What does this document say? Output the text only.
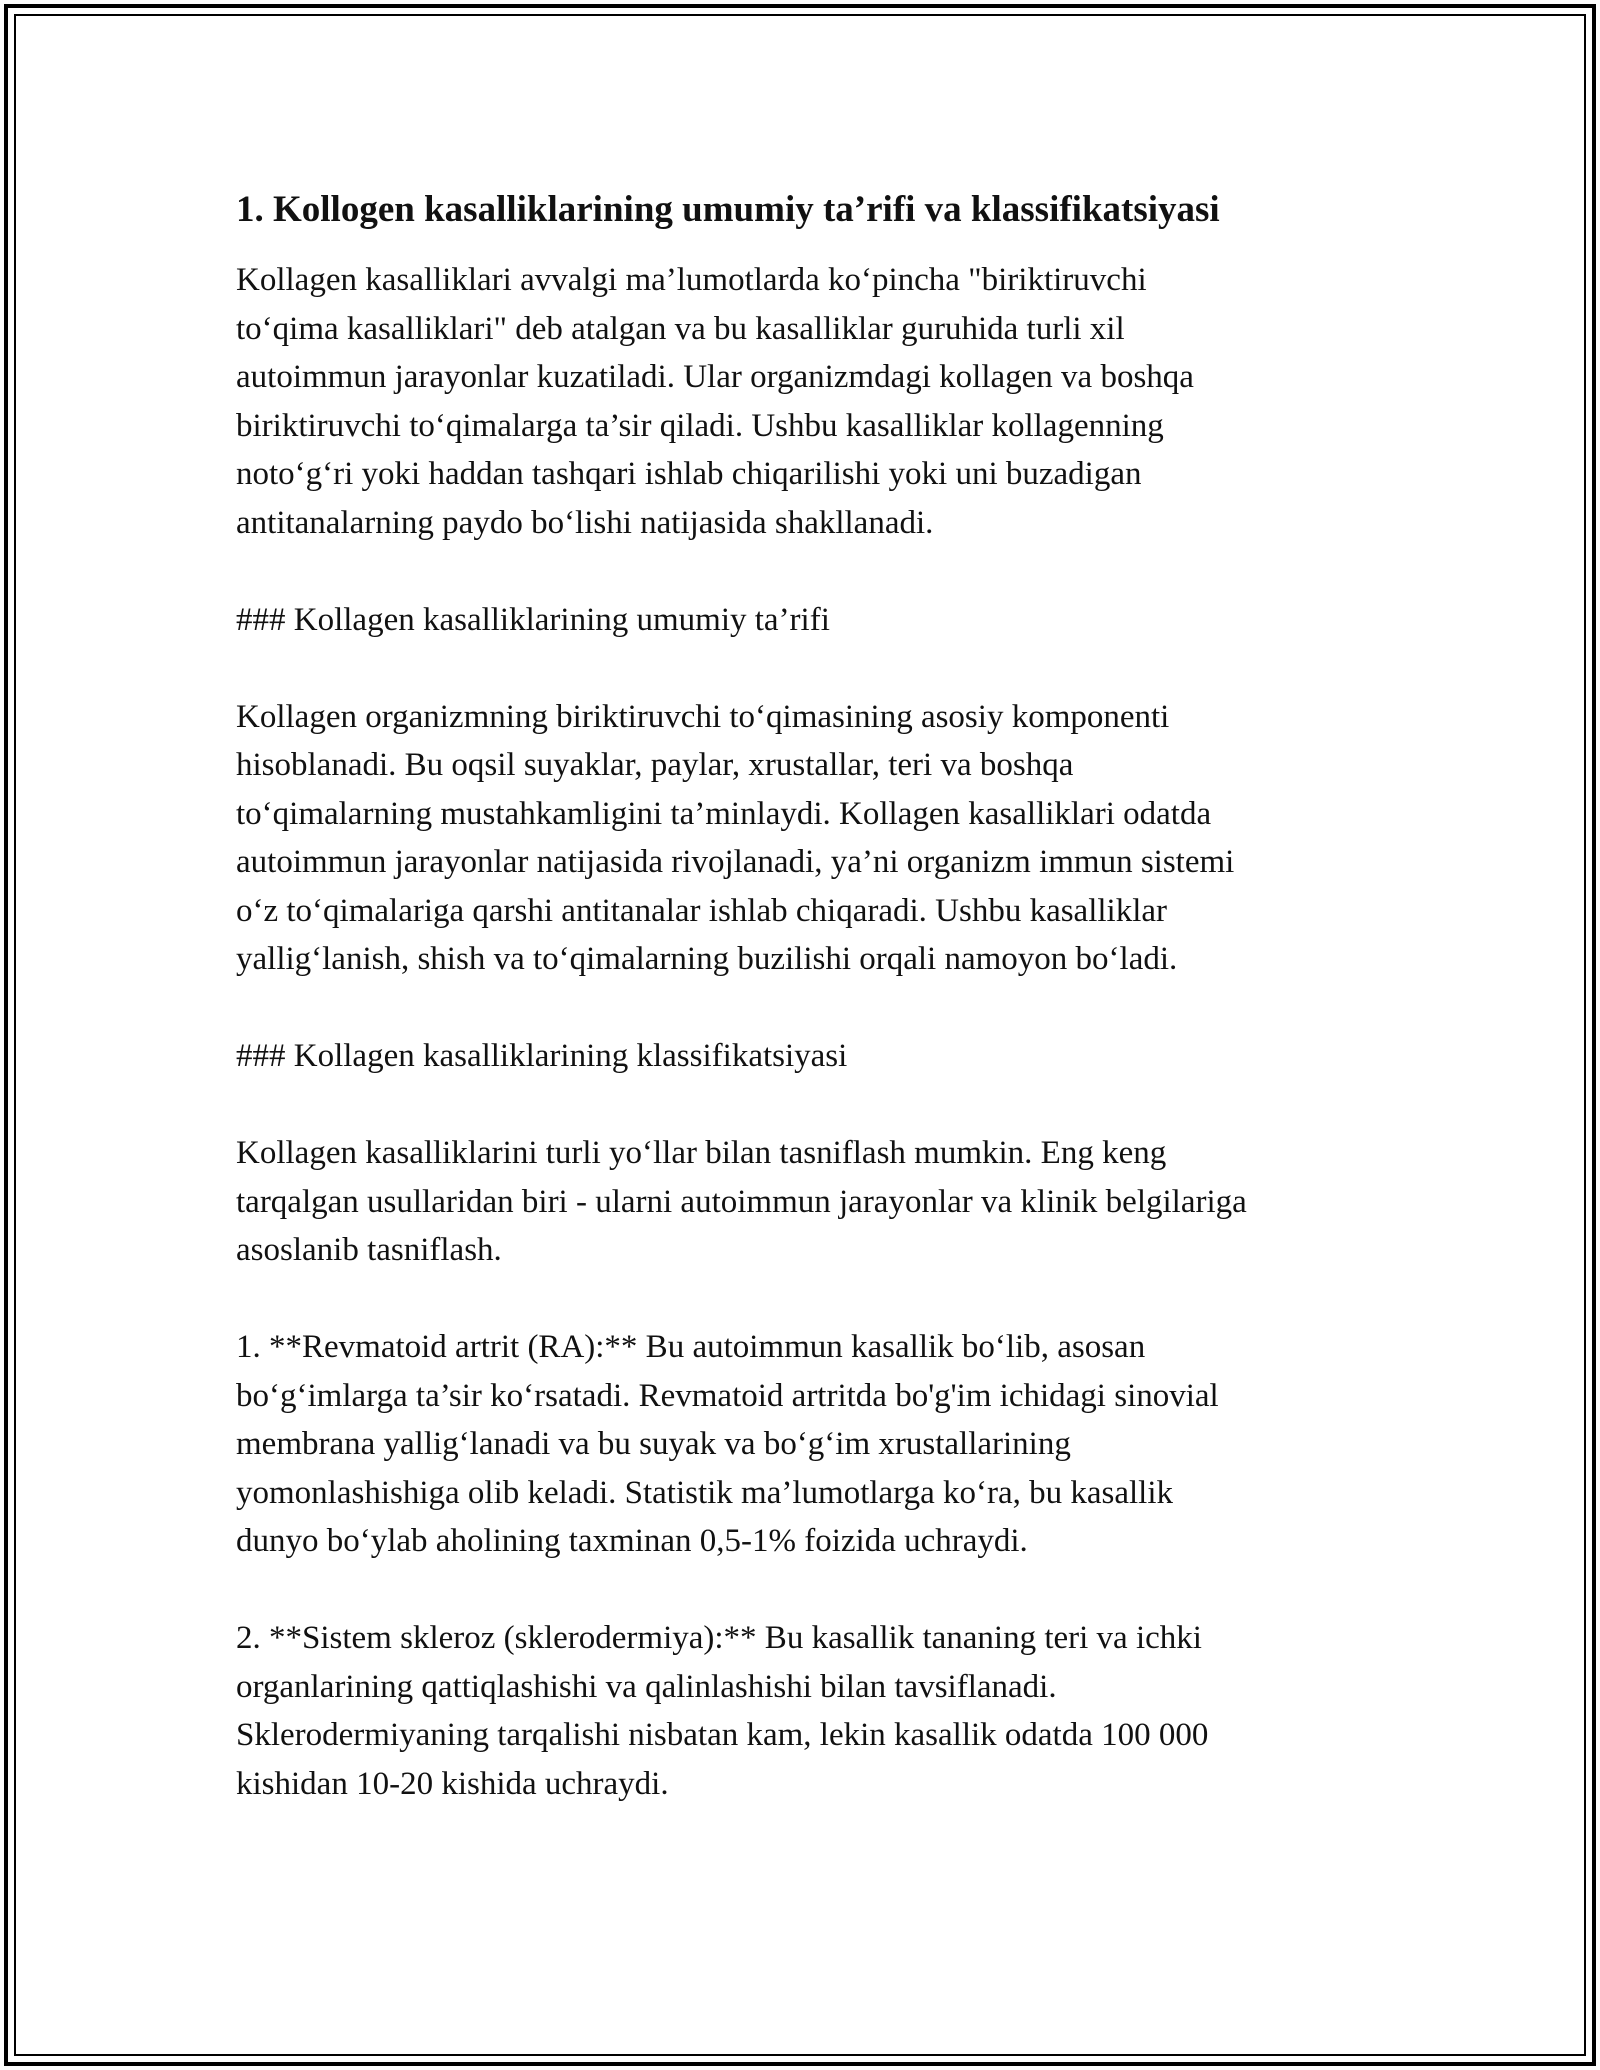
1. Kollogen kasalliklarining umumiy ta’rifi va klassifikatsiyasi

Kollagen kasalliklari avvalgi ma’lumotlarda ko‘pincha "biriktiruvchi
to‘qima kasalliklari" deb atalgan va bu kasalliklar guruhida turli xil
autoimmun jarayonlar kuzatiladi. Ular organizmdagi kollagen va boshqa
biriktiruvchi to‘qimalarga ta’sir qiladi. Ushbu kasalliklar kollagenning
noto‘g‘ri yoki haddan tashqari ishlab chiqarilishi yoki uni buzadigan
antitanalarning paydo bo‘lishi natijasida shakllanadi.

### Kollagen kasalliklarining umumiy ta’rifi

Kollagen organizmning biriktiruvchi to‘qimasining asosiy komponenti
hisoblanadi. Bu oqsil suyaklar, paylar, xrustallar, teri va boshqa
to‘qimalarning mustahkamligini ta’minlaydi. Kollagen kasalliklari odatda
autoimmun jarayonlar natijasida rivojlanadi, ya’ni organizm immun sistemi
o‘z to‘qimalariga qarshi antitanalar ishlab chiqaradi. Ushbu kasalliklar
yallig‘lanish, shish va to‘qimalarning buzilishi orqali namoyon bo‘ladi.

### Kollagen kasalliklarining klassifikatsiyasi

Kollagen kasalliklarini turli yo‘llar bilan tasniflash mumkin. Eng keng
tarqalgan usullaridan biri - ularni autoimmun jarayonlar va klinik belgilariga
asoslanib tasniflash.

1. **Revmatoid artrit (RA):** Bu autoimmun kasallik bo‘lib, asosan
bo‘g‘imlarga ta’sir ko‘rsatadi. Revmatoid artritda bo'g'im ichidagi sinovial
membrana yallig‘lanadi va bu suyak va bo‘g‘im xrustallarining
yomonlashishiga olib keladi. Statistik ma’lumotlarga ko‘ra, bu kasallik
dunyo bo‘ylab aholining taxminan 0,5-1% foizida uchraydi.

2. **Sistem skleroz (sklerodermiya):** Bu kasallik tananing teri va ichki
organlarining qattiqlashishi va qalinlashishi bilan tavsiflanadi.
Sklerodermiyaning tarqalishi nisbatan kam, lekin kasallik odatda 100 000
kishidan 10-20 kishida uchraydi.
